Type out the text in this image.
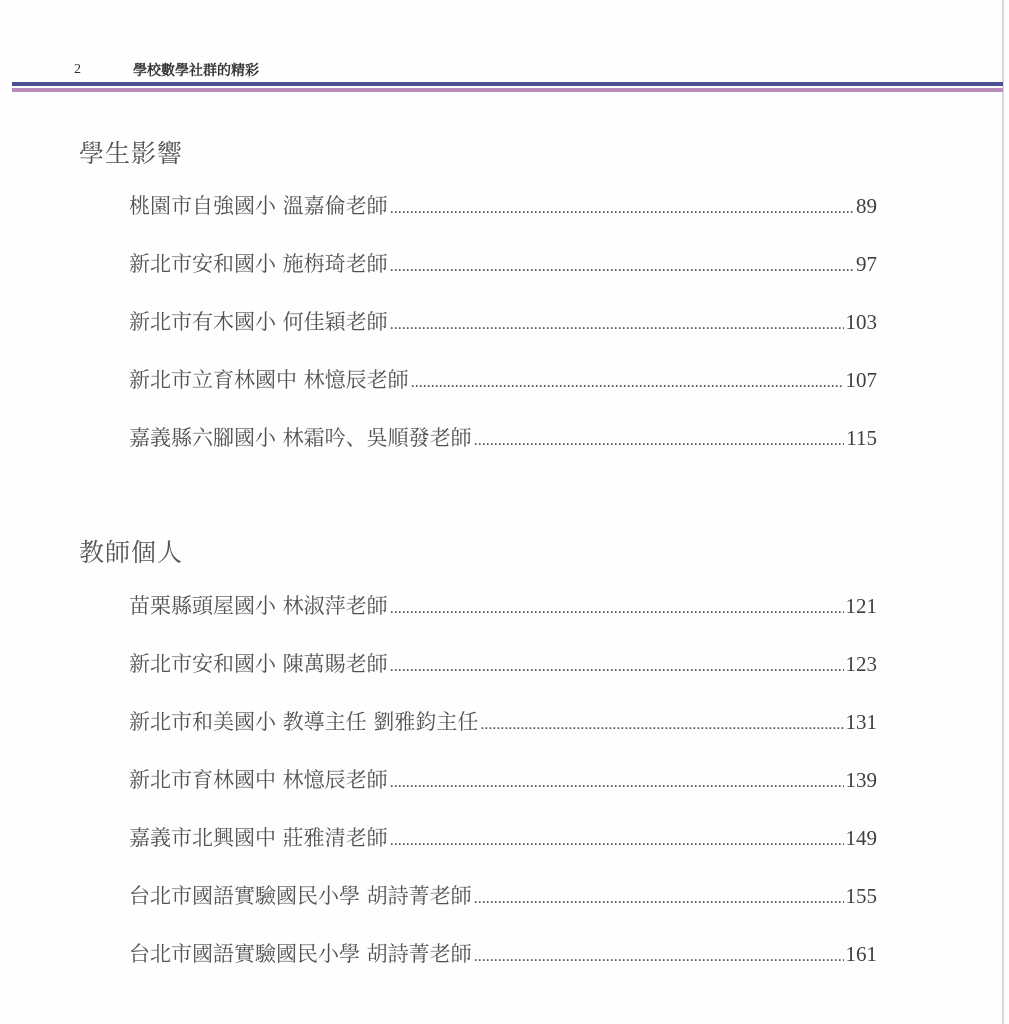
2	學校數學社群的精彩
學生影響
桃園市自強國小 溫嘉倫老師 .....	89
新北市安和國小 施栴琦老師 .....	97
新北市有木國小 何佳穎老師 .....	103
新北市立育林國中 林憶辰老師 .....	107
嘉義縣六腳國小 林霜吟、吳順發老師 .....	115
教師個人
苗栗縣頭屋國小 林淑萍老師 .....	121
新北市安和國小 陳萬賜老師 .....	123
新北市和美國小 教導主任 劉雅鈞主任 .....	131
新北市育林國中 林憶辰老師 .....	139
嘉義市北興國中 莊雅清老師 .....	149
台北市國語實驗國民小學 胡詩菁老師 .....	155
台北市國語實驗國民小學 胡詩菁老師 .....	161
